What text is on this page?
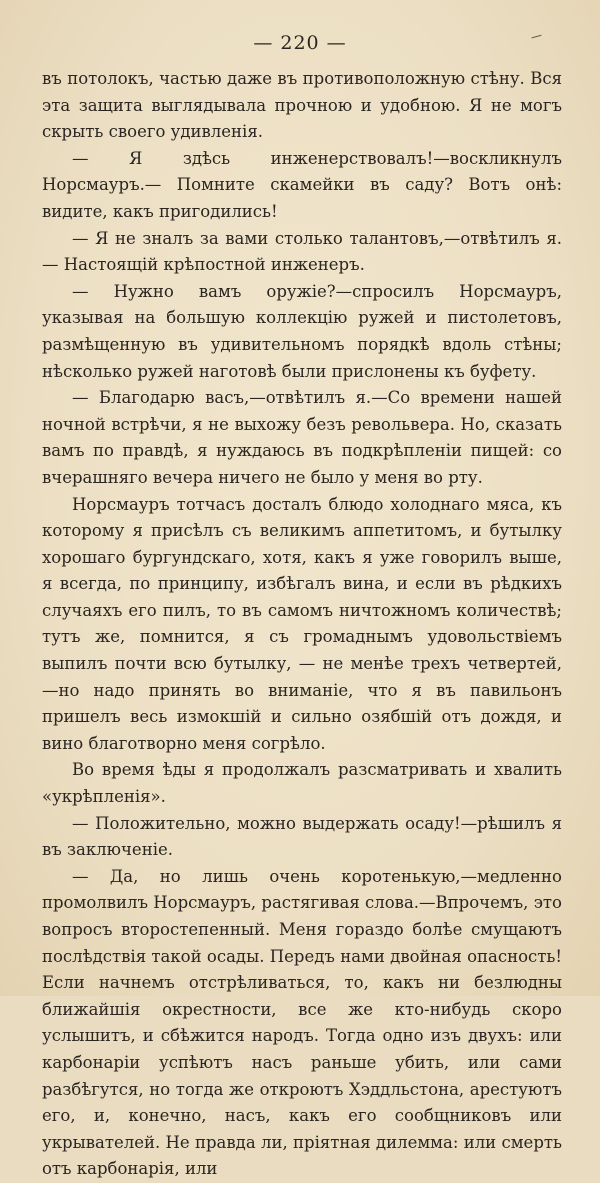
— 220 —

въ потолокъ, частью даже въ противоположную стѣну. Вся эта защита выглядывала прочною и удобною. Я не могъ скрыть своего удивленія.

— Я здѣсь инженерствовалъ!—воскликнулъ Норсмауръ.— Помните скамейки въ саду? Вотъ онѣ: видите, какъ пригодились!

— Я не зналъ за вами столько талантовъ,—отвѣтилъ я.— Настоящій крѣпостной инженеръ.

— Нужно вамъ оружіе?—спросилъ Норсмауръ, указывая на большую коллекцію ружей и пистолетовъ, размѣщенную въ удивительномъ порядкѣ вдоль стѣны; нѣсколько ружей наготовѣ были прислонены къ буфету.

— Благодарю васъ,—отвѣтилъ я.—Со времени нашей ночной встрѣчи, я не выхожу безъ револьвера. Но, сказать вамъ по правдѣ, я нуждаюсь въ подкрѣпленіи пищей: со вчерашняго вечера ничего не было у меня во рту.

Норсмауръ тотчасъ досталъ блюдо холоднаго мяса, къ которому я присѣлъ съ великимъ аппетитомъ, и бутылку хорошаго бургундскаго, хотя, какъ я уже говорилъ выше, я всегда, по принципу, избѣгалъ вина, и если въ рѣдкихъ случаяхъ его пилъ, то въ самомъ ничтожномъ количествѣ; тутъ же, помнится, я съ громаднымъ удовольствіемъ выпилъ почти всю бутылку, — не менѣе трехъ четвертей,—но надо принять во вниманіе, что я въ павильонъ пришелъ весь измокшій и сильно озябшій отъ дождя, и вино благотворно меня согрѣло.

Во время ѣды я продолжалъ разсматривать и хвалить «укрѣпленія».

— Положительно, можно выдержать осаду!—рѣшилъ я въ заключеніе.

— Да, но лишь очень коротенькую,—медленно промолвилъ Норсмауръ, растягивая слова.—Впрочемъ, это вопросъ второстепенный. Меня гораздо болѣе смущаютъ послѣдствія такой осады. Передъ нами двойная опасность! Если начнемъ отстрѣливаться, то, какъ ни безлюдны ближайшія окрестности, все же кто-нибудь скоро услышитъ, и сбѣжится народъ. Тогда одно изъ двухъ: или карбонаріи успѣютъ насъ раньше убить, или сами разбѣгутся, но тогда же откроютъ Хэддльстона, арестуютъ его, и, конечно, насъ, какъ его сообщниковъ или укрывателей. Не правда ли, пріятная дилемма: или смерть отъ карбонарія, или
